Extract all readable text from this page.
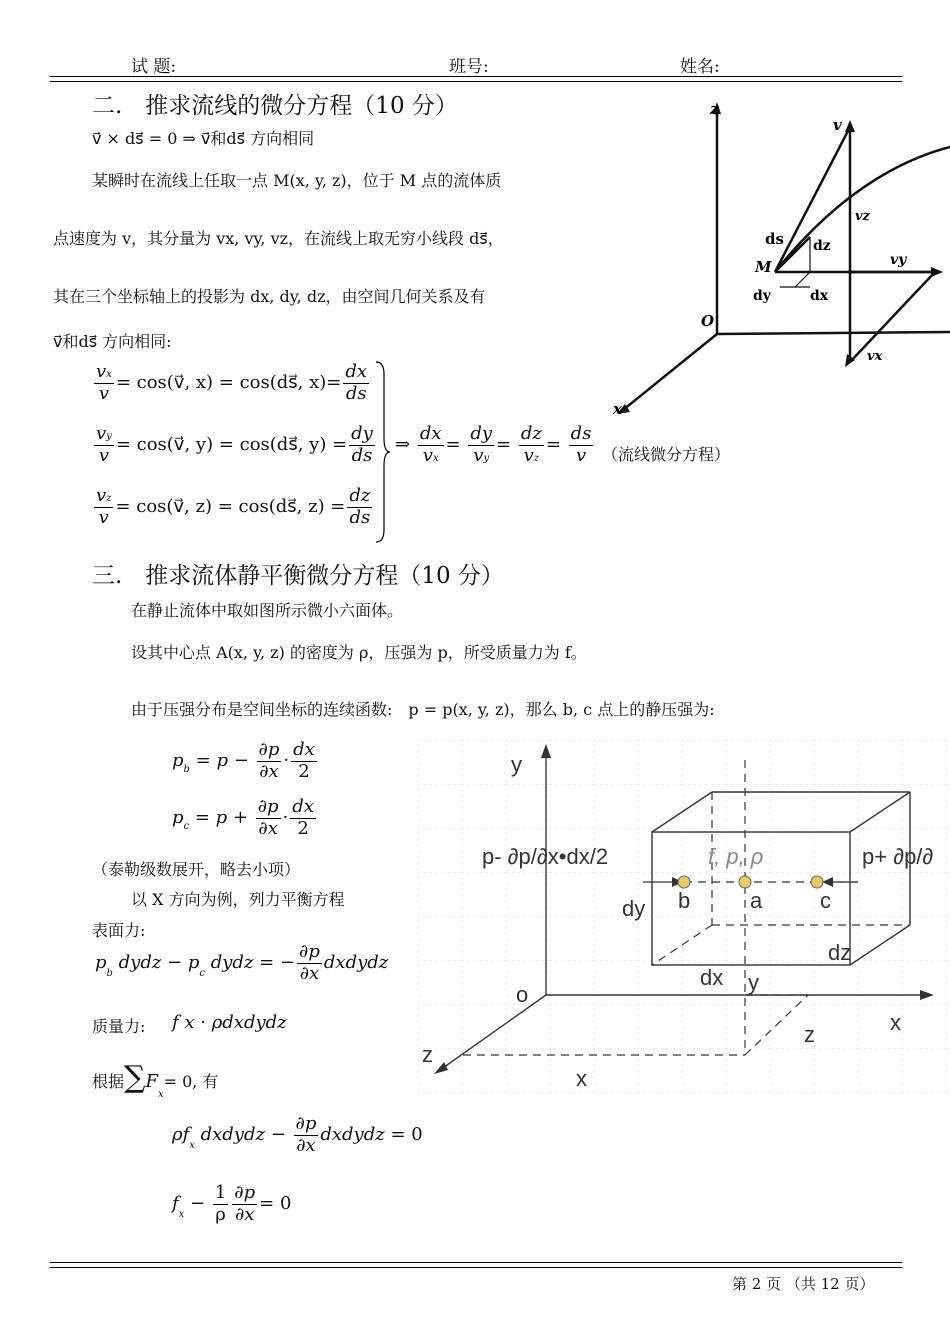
试 题:	班号:	姓名:
二.　推求流线的微分方程（10 分）
v⃗ × ds⃗ = 0 ⇒ v⃗和ds⃗ 方向相同
某瞬时在流线上任取一点 M(x, y, z)，位于 M 点的流体质
点速度为 v，其分量为 vx, vy, vz，在流线上取无穷小线段 ds⃗，
其在三个坐标轴上的投影为 dx, dy, dz，由空间几何关系及有
v⃗和ds⃗ 方向相同:
$\frac{vx}{v}$ = cos(v⃗, x) = cos(ds⃗, $x)= \frac{dx}{ds}$
$\frac{vy}{v}$ = cos(v⃗, y) = cos(ds⃗, $y) = \frac{dy}{ds}$
$\frac{vz}{v}$ = cos(v⃗, z) = cos(ds⃗, $z) = \frac{dz}{ds}$
⇒ $\frac{dx}{vx} = \frac{dy}{vy} = \frac{dz}{vz} = \frac{ds}{v}$ （流线微分方程）
z
v
vz
ds dz
M	vy
dy	dx
O
vx
x
三.　推求流体静平衡微分方程（10 分）
在静止流体中取如图所示微小六面体。
设其中心点 A(x, y, z) 的密度为 ρ，压强为 p，所受质量力为 f。
由于压强分布是空间坐标的连续函数:　p = p(x, y, z)，那么 b, c 点上的静压强为:
$p_b = p - \frac{\partial p}{\partial x} \cdot \frac{dx}{2}$
$p_c = p + \frac{\partial p}{\partial x} \cdot \frac{dx}{2}$
（泰勒级数展开，略去小项）
以 X 方向为例，列力平衡方程
表面力:
$p_b$ dydz − $p_c$ dydz = − $\frac{\partial p}{\partial x}$ dxdydz
质量力: f x · ρdxdydz
根据$\sum F_x= 0$, 有
$\rho f_x$ dxdydz − $\frac{\partial p}{\partial x}$ dxdydz = 0
$f_x - \frac{1}{\rho} \frac{\partial p}{\partial x} = 0$
y
p- ∂p/∂x•dx/2	p+ ∂p/∂
f, p, ρ
b	a	c
dy
dz
dx y
o
x
z
z
x
第 2 页 （共 12 页）
